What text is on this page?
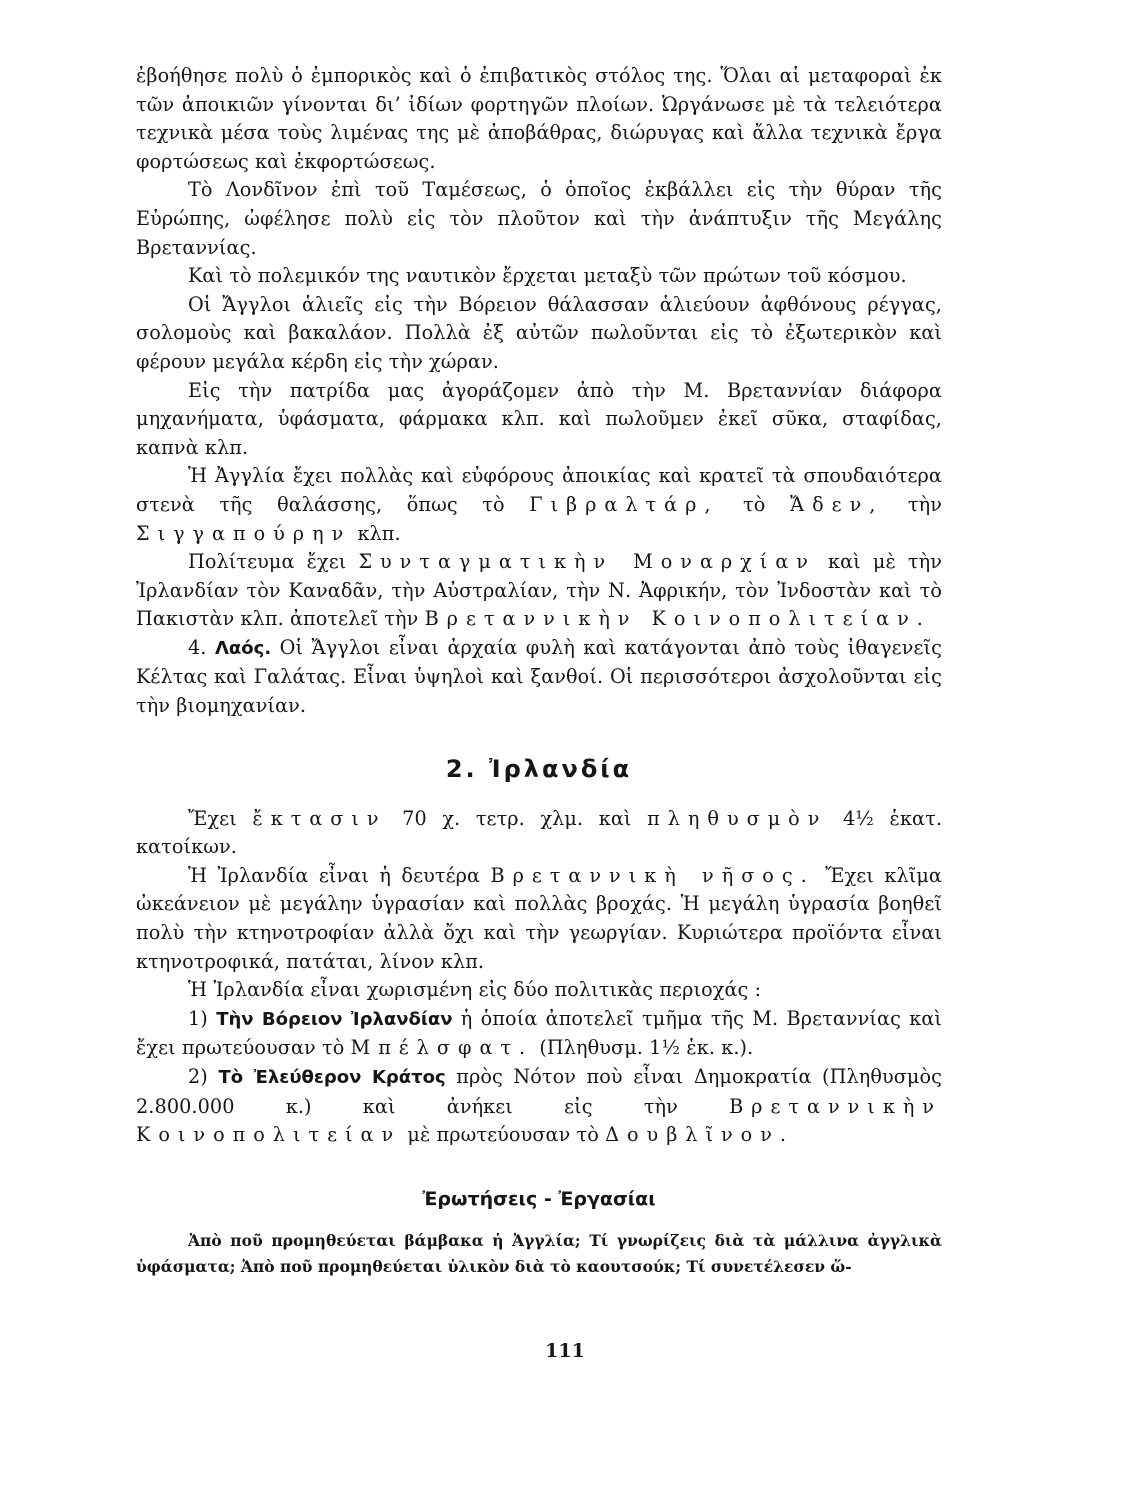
ἐβοήθησε πολὺ ὁ ἐμπορικὸς καὶ ὁ ἐπιβατικὸς στόλος της. Ὅλαι αἱ μεταφοραὶ ἐκ τῶν ἀποικιῶν γίνονται δι’ ἰδίων φορτηγῶν πλοίων. Ὠργάνωσε μὲ τὰ τελειότερα τεχνικὰ μέσα τοὺς λιμένας της μὲ ἀποβάθρας, διώρυγας καὶ ἄλλα τεχνικὰ ἔργα φορτώσεως καὶ ἐκφορτώσεως.

Τὸ Λονδῖνον ἐπὶ τοῦ Ταμέσεως, ὁ ὁποῖος ἐκβάλλει εἰς τὴν θύραν τῆς Εὐρώπης, ὠφέλησε πολὺ εἰς τὸν πλοῦτον καὶ τὴν ἀνάπτυξιν τῆς Μεγάλης Βρεταννίας.

Καὶ τὸ πολεμικόν της ναυτικὸν ἔρχεται μεταξὺ τῶν πρώτων τοῦ κόσμου.

Οἱ Ἄγγλοι ἁλιεῖς εἰς τὴν Βόρειον θάλασσαν ἁλιεύουν ἀφθόνους ρέγγας, σολομοὺς καὶ βακαλάον. Πολλὰ ἐξ αὐτῶν πωλοῦνται εἰς τὸ ἐξωτερικὸν καὶ φέρουν μεγάλα κέρδη εἰς τὴν χώραν.

Εἰς τὴν πατρίδα μας ἀγοράζομεν ἀπὸ τὴν Μ. Βρεταννίαν διάφορα μηχανήματα, ὑφάσματα, φάρμακα κλπ. καὶ πωλοῦμεν ἐκεῖ σῦκα, σταφίδας, καπνὰ κλπ.

Ἡ Ἀγγλία ἔχει πολλὰς καὶ εὐφόρους ἀποικίας καὶ κρατεῖ τὰ σπουδαιότερα στενὰ τῆς θαλάσσης, ὅπως τὸ Γιβραλτάρ, τὸ Ἄδεν, τὴν Σιγγαπούρην κλπ.

Πολίτευμα ἔχει Συνταγματικὴν Μοναρχίαν καὶ μὲ τὴν Ἰρλανδίαν τὸν Καναδᾶν, τὴν Αὐστραλίαν, τὴν Ν. Ἀφρικήν, τὸν Ἰνδοστὰν καὶ τὸ Πακιστὰν κλπ. ἀποτελεῖ τὴν Βρεταννικὴν Κοινοπολιτείαν.

4. Λαός. Οἱ Ἄγγλοι εἶναι ἀρχαία φυλὴ καὶ κατάγονται ἀπὸ τοὺς ἰθαγενεῖς Κέλτας καὶ Γαλάτας. Εἶναι ὑψηλοὶ καὶ ξανθοί. Οἱ περισσότεροι ἀσχολοῦνται εἰς τὴν βιομηχανίαν.

2. Ἰρλανδία

Ἔχει ἔκτασιν 70 χ. τετρ. χλμ. καὶ πληθυσμὸν 4½ ἑκατ. κατοίκων.

Ἡ Ἰρλανδία εἶναι ἡ δευτέρα Βρεταννικὴ νῆσος. Ἔχει κλῖμα ὠκεάνειον μὲ μεγάλην ὑγρασίαν καὶ πολλὰς βροχάς. Ἡ μεγάλη ὑγρασία βοηθεῖ πολὺ τὴν κτηνοτροφίαν ἀλλὰ ὄχι καὶ τὴν γεωργίαν. Κυριώτερα προϊόντα εἶναι κτηνοτροφικά, πατάται, λίνον κλπ.

Ἡ Ἰρλανδία εἶναι χωρισμένη εἰς δύο πολιτικὰς περιοχάς :

1) Τὴν Βόρειον Ἰρλανδίαν ἡ ὁποία ἀποτελεῖ τμῆμα τῆς Μ. Βρεταννίας καὶ ἔχει πρωτεύουσαν τὸ Μπέλσφατ. (Πληθυσμ. 1½ ἑκ. κ.).

2) Τὸ Ἐλεύθερον Κράτος πρὸς Νότον ποὺ εἶναι Δημοκρατία (Πληθυσμὸς 2.800.000 κ.) καὶ ἀνήκει εἰς τὴν	Βρεταννικὴν Κοινοπολιτείαν μὲ πρωτεύουσαν τὸ Δουβλῖνον.

Ἐρωτήσεις - Ἐργασίαι

Ἀπὸ ποῦ προμηθεύεται βάμβακα ἡ Ἀγγλία; Τί γνωρίζεις διὰ τὰ μάλλινα ἀγγλικὰ ὑφάσματα; Ἀπὸ ποῦ προμηθεύεται ὑλικὸν διὰ τὸ καουτσούκ; Τί συνετέλεσεν ὥ-

111
